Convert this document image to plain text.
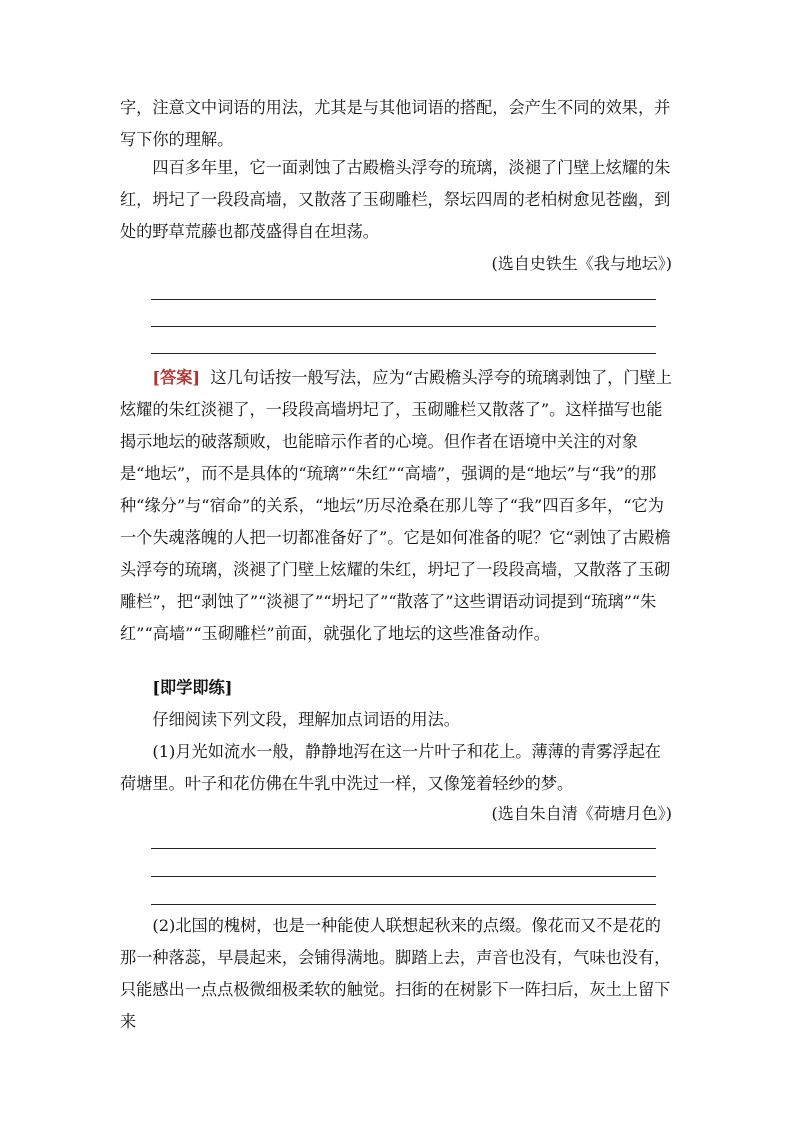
字，注意文中词语的用法，尤其是与其他词语的搭配，会产生不同的效果，并写下你的理解。

四百多年里，它一面剥蚀了古殿檐头浮夸的琉璃，淡褪了门壁上炫耀的朱红，坍圮了一段段高墙，又散落了玉砌雕栏，祭坛四周的老柏树愈见苍幽，到处的野草荒藤也都茂盛得自在坦荡。

(选自史铁生《我与地坛》)

[答案] 这几句话按一般写法，应为“古殿檐头浮夸的琉璃剥蚀了，门壁上炫耀的朱红淡褪了，一段段高墙坍圮了，玉砌雕栏又散落了”。这样描写也能揭示地坛的破落颓败，也能暗示作者的心境。但作者在语境中关注的对象是“地坛”，而不是具体的“琉璃”“朱红”“高墙”，强调的是“地坛”与“我”的那种“缘分”与“宿命”的关系，“地坛”历尽沧桑在那儿等了“我”四百多年，“它为一个失魂落魄的人把一切都准备好了”。它是如何准备的呢？它“剥蚀了古殿檐头浮夸的琉璃，淡褪了门壁上炫耀的朱红，坍圮了一段段高墙，又散落了玉砌雕栏”，把“剥蚀了”“淡褪了”“坍圮了”“散落了”这些谓语动词提到“琉璃”“朱红”“高墙”“玉砌雕栏”前面，就强化了地坛的这些准备动作。

[即学即练]

仔细阅读下列文段，理解加点词语的用法。

(1)月光如流水一般，静静地泻在这一片叶子和花上。薄薄的青雾浮起在荷塘里。叶子和花仿佛在牛乳中洗过一样，又像笼着轻纱的梦。

(选自朱自清《荷塘月色》)

(2)北国的槐树，也是一种能使人联想起秋来的点缀。像花而又不是花的那一种落蕊，早晨起来，会铺得满地。脚踏上去，声音也没有，气味也没有，只能感出一点点极微细极柔软的触觉。扫街的在树影下一阵扫后，灰土上留下来
